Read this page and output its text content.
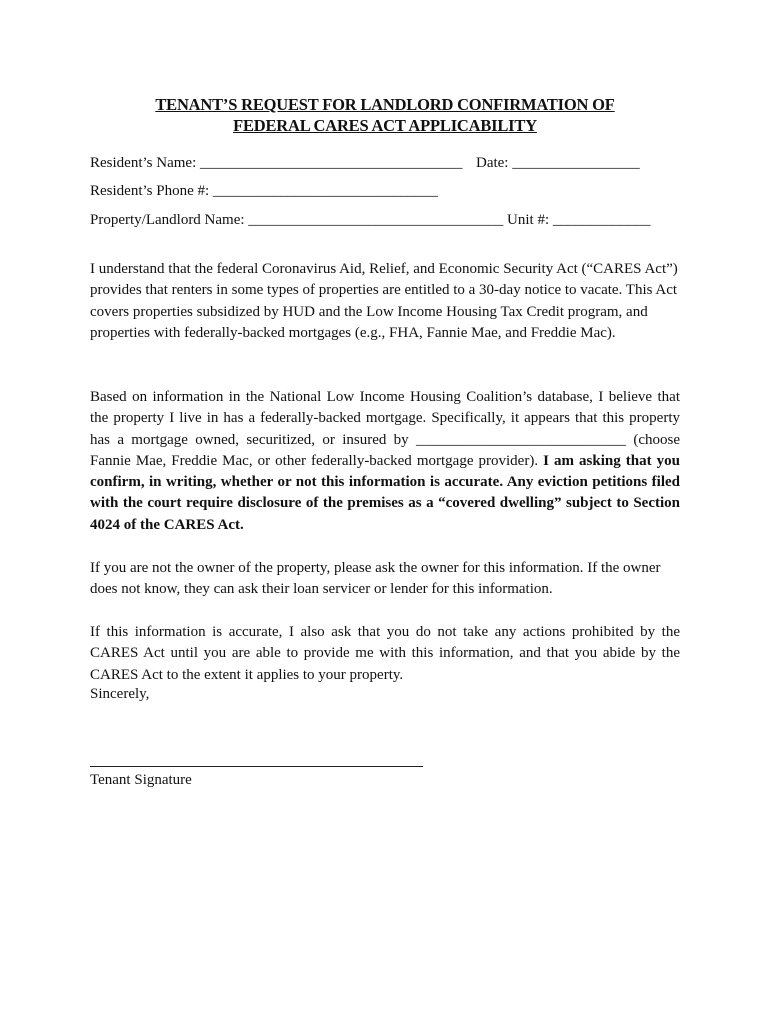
TENANT’S REQUEST FOR LANDLORD CONFIRMATION OF
FEDERAL CARES ACT APPLICABILITY
Resident’s Name: ___________________________________ Date: _________________
Resident’s Phone #: ______________________________
Property/Landlord Name: __________________________________ Unit #: _____________

I understand that the federal Coronavirus Aid, Relief, and Economic Security Act (“CARES Act”) provides that renters in some types of properties are entitled to a 30-day notice to vacate. This Act covers properties subsidized by HUD and the Low Income Housing Tax Credit program, and properties with federally-backed mortgages (e.g., FHA, Fannie Mae, and Freddie Mac).

Based on information in the National Low Income Housing Coalition’s database, I believe that the property I live in has a federally-backed mortgage. Specifically, it appears that this property has a mortgage owned, securitized, or insured by ____________________________ (choose Fannie Mae, Freddie Mac, or other federally-backed mortgage provider). I am asking that you confirm, in writing, whether or not this information is accurate. Any eviction petitions filed with the court require disclosure of the premises as a “covered dwelling” subject to Section 4024 of the CARES Act.

If you are not the owner of the property, please ask the owner for this information. If the owner does not know, they can ask their loan servicer or lender for this information.

If this information is accurate, I also ask that you do not take any actions prohibited by the CARES Act until you are able to provide me with this information, and that you abide by the CARES Act to the extent it applies to your property.

Sincerely,
Tenant Signature
